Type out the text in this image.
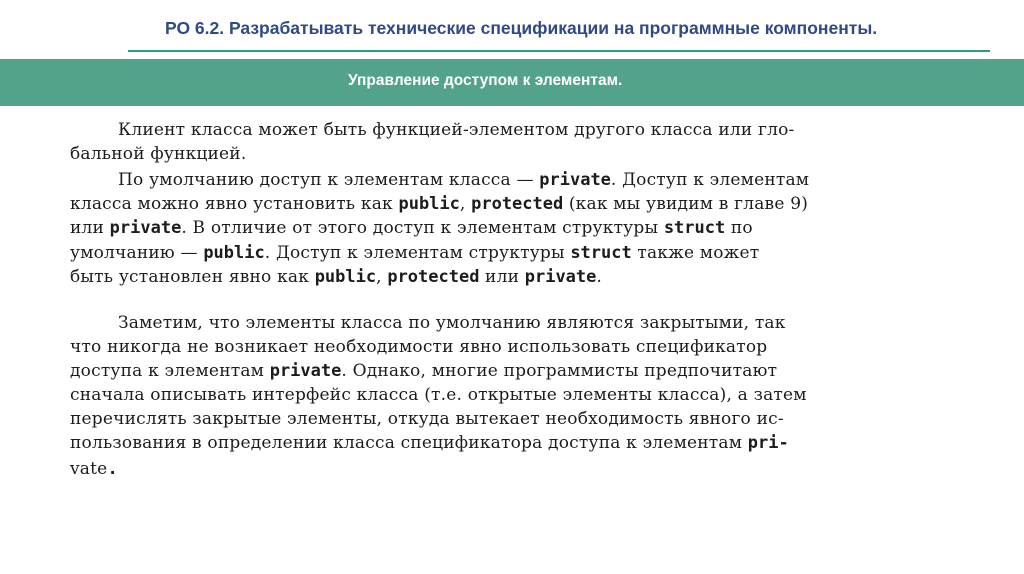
РО 6.2. Разрабатывать технические спецификации на программные компоненты.
Управление доступом к элементам.
Клиент класса может быть функцией-элементом другого класса или гло-
бальной функцией.
По умолчанию доступ к элементам класса — private. Доступ к элементам
класса можно явно установить как public, protected (как мы увидим в главе 9)
или private. В отличие от этого доступ к элементам структуры struct по
умолчанию — public. Доступ к элементам структуры struct также может
быть установлен явно как public, protected или private.
Заметим, что элементы класса по умолчанию являются закрытыми, так
что никогда не возникает необходимости явно использовать спецификатор
доступа к элементам private. Однако, многие программисты предпочитают
сначала описывать интерфейс класса (т.е. открытые элементы класса), а затем
перечислять закрытые элементы, откуда вытекает необходимость явного ис-
пользования в определении класса спецификатора доступа к элементам pri-
vate.
